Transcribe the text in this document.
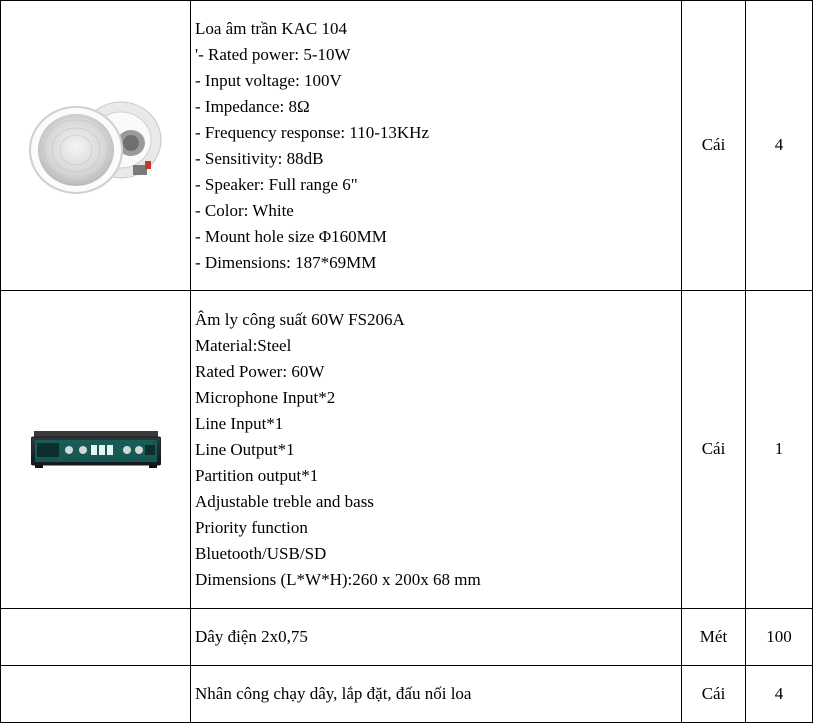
Loa âm trần KAC 104
'- Rated power: 5-10W
- Input voltage: 100V
- Impedance: 8Ω
- Frequency response: 110-13KHz
- Sensitivity: 88dB
- Speaker: Full range 6"
- Color: White
- Mount hole size Φ160MM
- Dimensions: 187*69MM
Cái	4
Âm ly công suất 60W FS206A
Material:Steel
Rated Power: 60W
Microphone Input*2
Line Input*1
Line Output*1
Partition output*1
Adjustable treble and bass
Priority function
Bluetooth/USB/SD
Dimensions (L*W*H):260 x 200x 68 mm
Cái	1
Dây điện 2x0,75	Mét 100
Nhân công chạy dây, lắp đặt, đấu nối loa	Cái	4
